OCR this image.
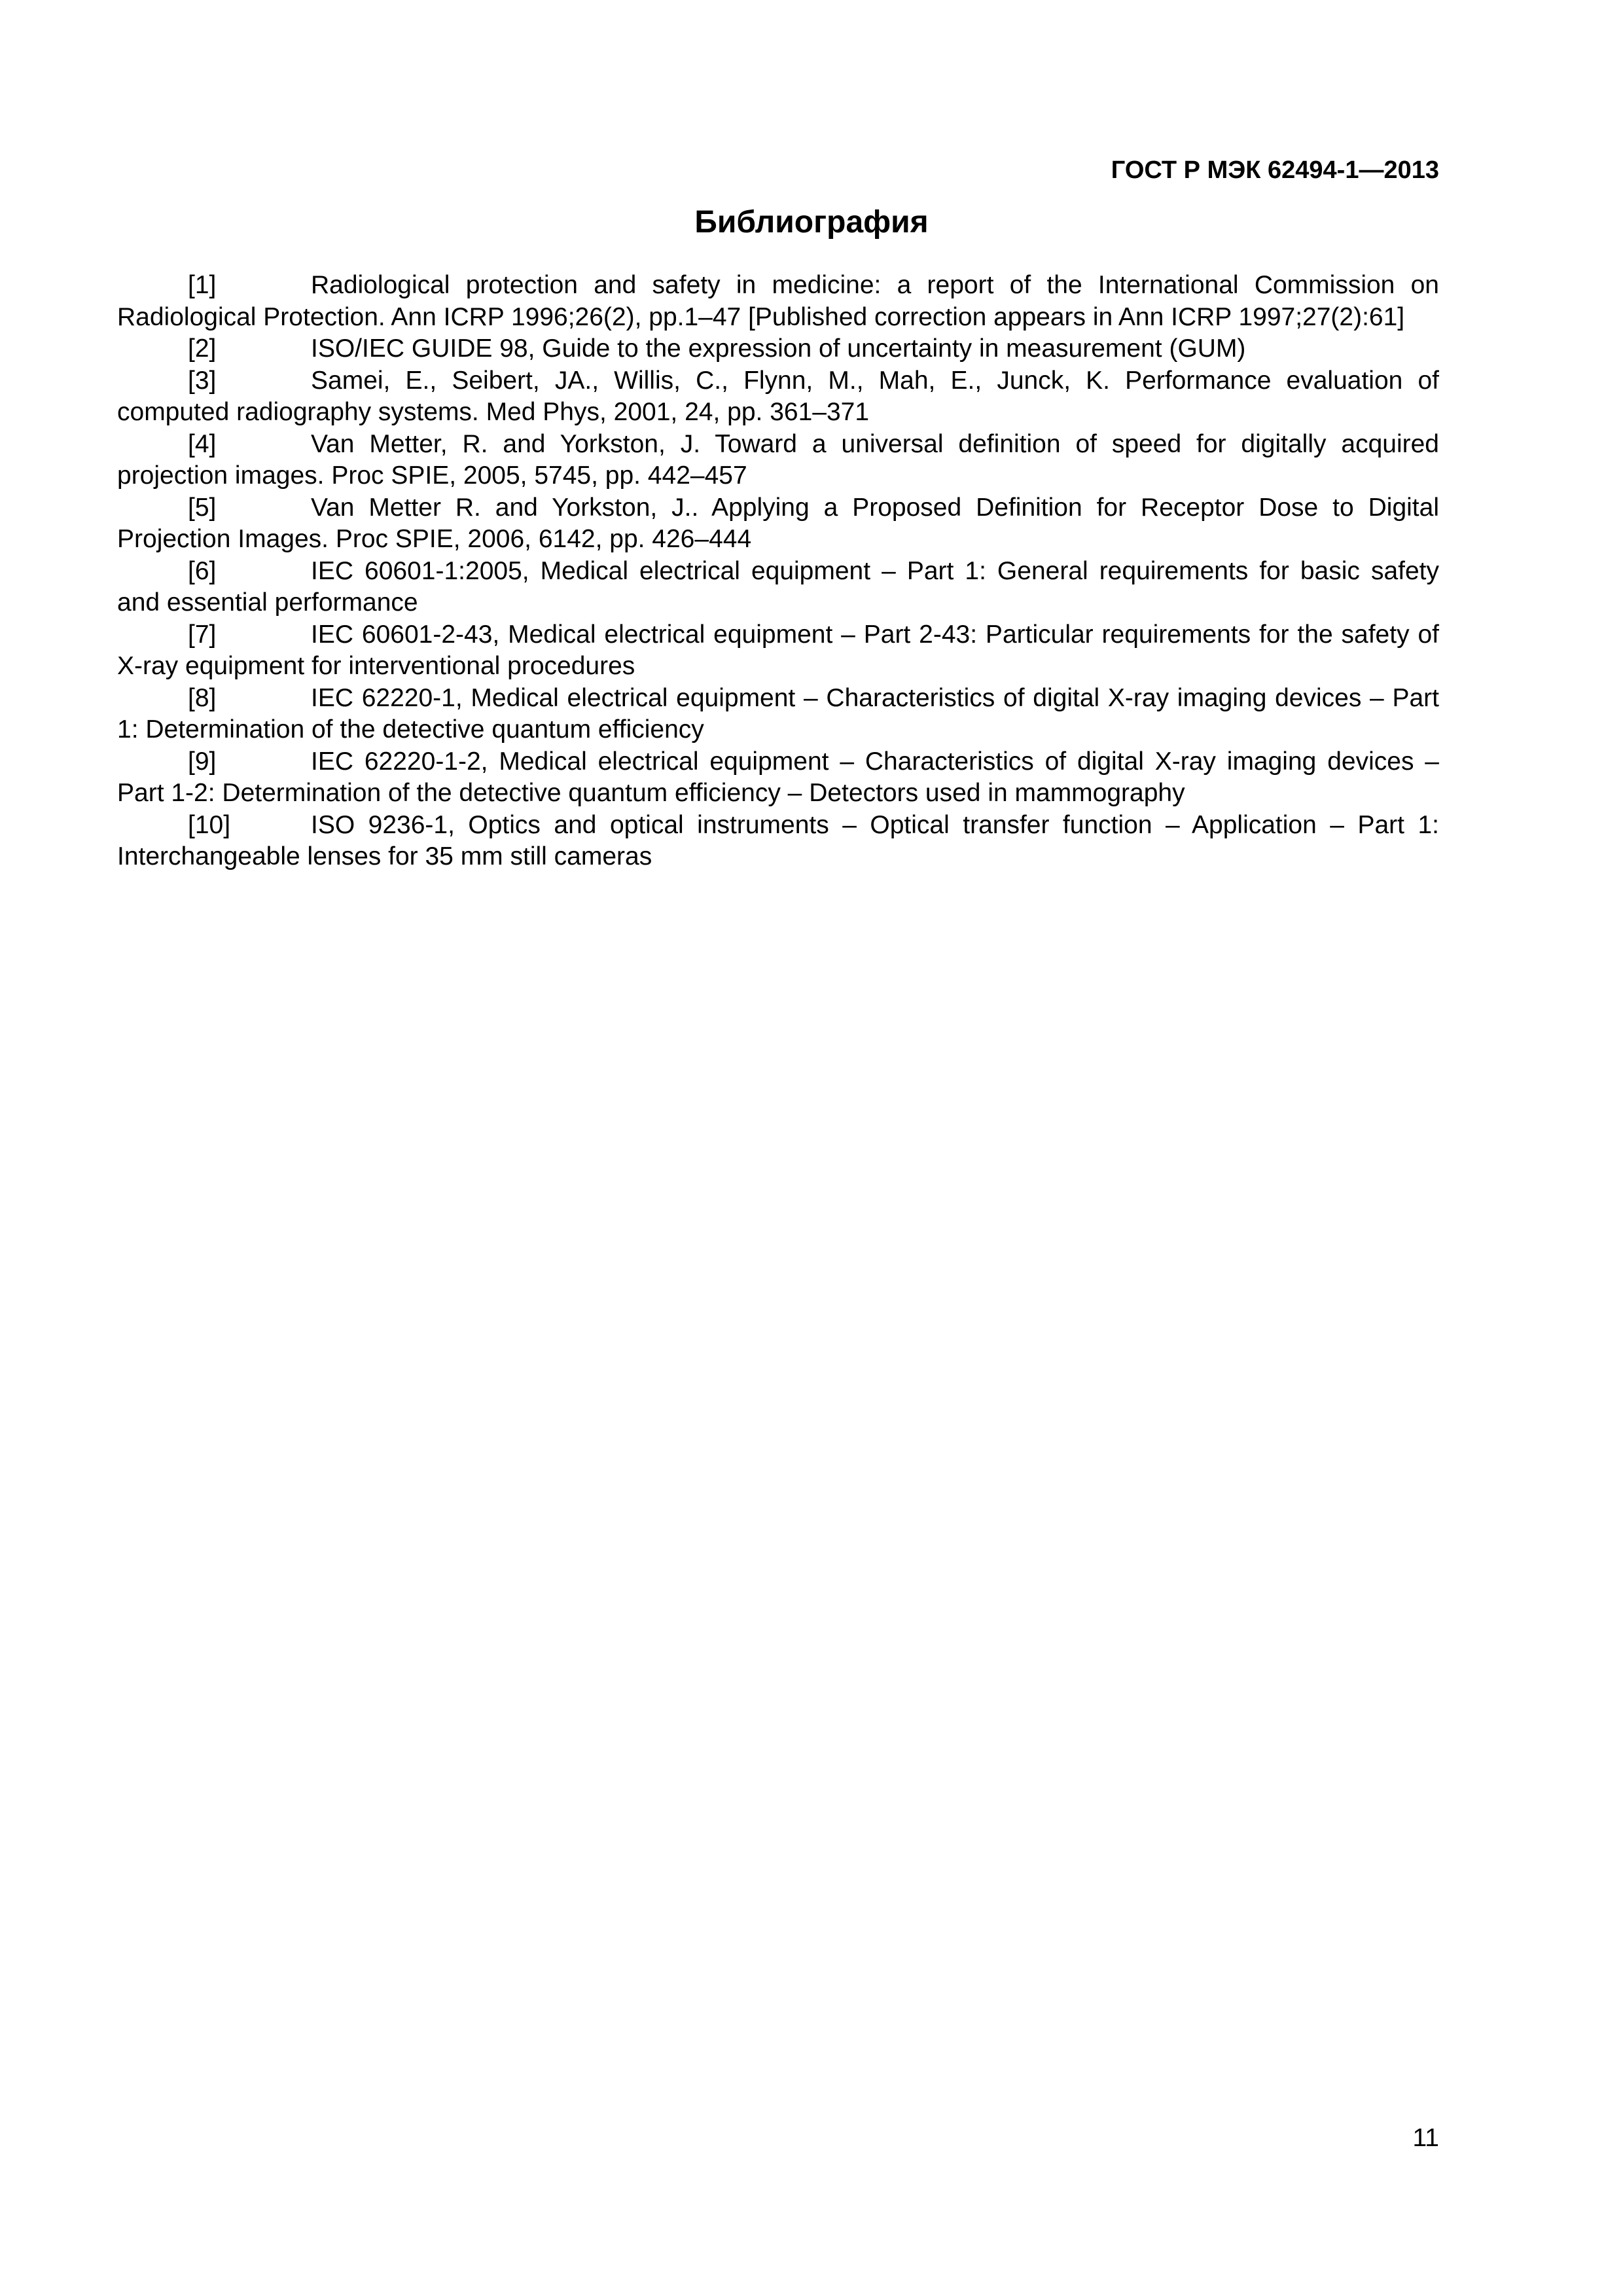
ГОСТ Р МЭК 62494-1—2013
Библиография

[1]	Radiological protection and safety in medicine: a report of the International Commission on Radiological Protection. Ann ICRP 1996;26(2), pp.1–47 [Published correction appears in Ann ICRP 1997;27(2):61]

[2]	ISO/IEC GUIDE 98, Guide to the expression of uncertainty in measurement (GUM)

[3]	Samei, E., Seibert, JA., Willis, C., Flynn, M., Mah, E., Junck, K. Performance evaluation of computed radiography systems. Med Phys, 2001, 24, pp. 361–371

[4]	Van Metter, R. and Yorkston, J. Toward a universal definition of speed for digitally acquired projection images. Proc SPIE, 2005, 5745, pp. 442–457

[5]	Van Metter R. and Yorkston, J.. Applying a Proposed Definition for Receptor Dose to Digital Projection Images. Proc SPIE, 2006, 6142, pp. 426–444

[6]	IEC 60601-1:2005, Medical electrical equipment – Part 1: General requirements for basic safety and essential performance

[7]	IEC 60601-2-43, Medical electrical equipment – Part 2-43: Particular requirements for the safety of X-ray equipment for interventional procedures

[8]	IEC 62220-1, Medical electrical equipment – Characteristics of digital X-ray imaging devices – Part 1: Determination of the detective quantum efficiency

[9]	IEC 62220-1-2, Medical electrical equipment – Characteristics of digital X-ray imaging devices – Part 1-2: Determination of the detective quantum efficiency – Detectors used in mammography

[10]	ISO 9236-1, Optics and optical instruments – Optical transfer function – Application – Part 1: Interchangeable lenses for 35 mm still cameras

11
